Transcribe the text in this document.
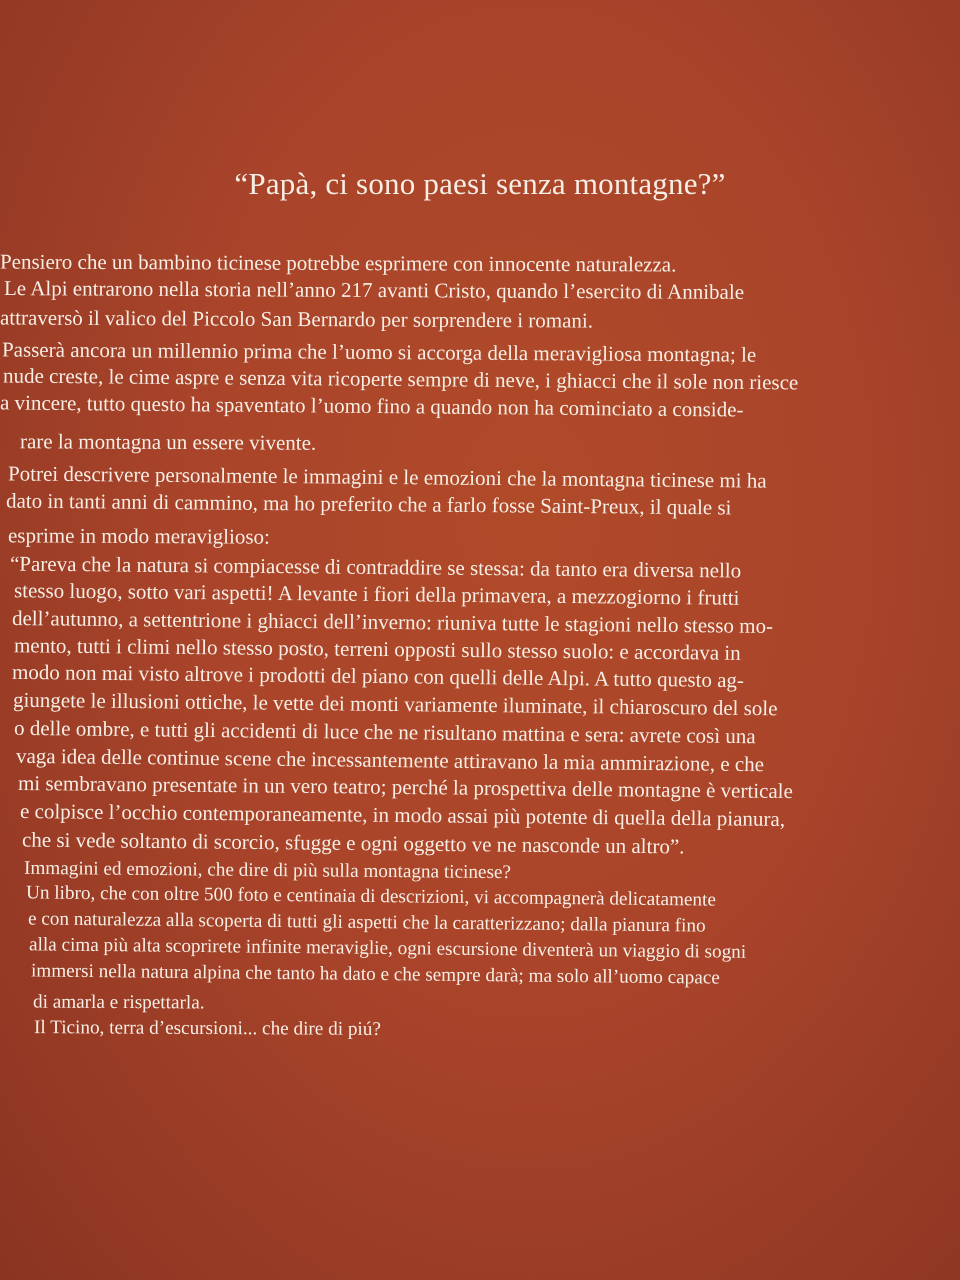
“Papà, ci sono paesi senza montagne?”
Pensiero che un bambino ticinese potrebbe esprimere con innocente naturalezza.
Le Alpi entrarono nella storia nell’anno 217 avanti Cristo, quando l’esercito di Annibale
attraversò il valico del Piccolo San Bernardo per sorprendere i romani.
Passerà ancora un millennio prima che l’uomo si accorga della meravigliosa montagna; le
nude creste, le cime aspre e senza vita ricoperte sempre di neve, i ghiacci che il sole non riesce
a vincere, tutto questo ha spaventato l’uomo fino a quando non ha cominciato a conside-
rare la montagna un essere vivente.
Potrei descrivere personalmente le immagini e le emozioni che la montagna ticinese mi ha
dato in tanti anni di cammino, ma ho preferito che a farlo fosse Saint-Preux, il quale si
esprime in modo meraviglioso:
“Pareva che la natura si compiacesse di contraddire se stessa: da tanto era diversa nello
stesso luogo, sotto vari aspetti! A levante i fiori della primavera, a mezzogiorno i frutti
dell’autunno, a settentrione i ghiacci dell’inverno: riuniva tutte le stagioni nello stesso mo-
mento, tutti i climi nello stesso posto, terreni opposti sullo stesso suolo: e accordava in
modo non mai visto altrove i prodotti del piano con quelli delle Alpi. A tutto questo ag-
giungete le illusioni ottiche, le vette dei monti variamente iluminate, il chiaroscuro del sole
o delle ombre, e tutti gli accidenti di luce che ne risultano mattina e sera: avrete così una
vaga idea delle continue scene che incessantemente attiravano la mia ammirazione, e che
mi sembravano presentate in un vero teatro; perché la prospettiva delle montagne è verticale
e colpisce l’occhio contemporaneamente, in modo assai più potente di quella della pianura,
che si vede soltanto di scorcio, sfugge e ogni oggetto ve ne nasconde un altro”.
Immagini ed emozioni, che dire di più sulla montagna ticinese?
Un libro, che con oltre 500 foto e centinaia di descrizioni, vi accompagnerà delicatamente
e con naturalezza alla scoperta di tutti gli aspetti che la caratterizzano; dalla pianura fino
alla cima più alta scoprirete infinite meraviglie, ogni escursione diventerà un viaggio di sogni
immersi nella natura alpina che tanto ha dato e che sempre darà; ma solo all’uomo capace
di amarla e rispettarla.
Il Ticino, terra d’escursioni... che dire di piú?
